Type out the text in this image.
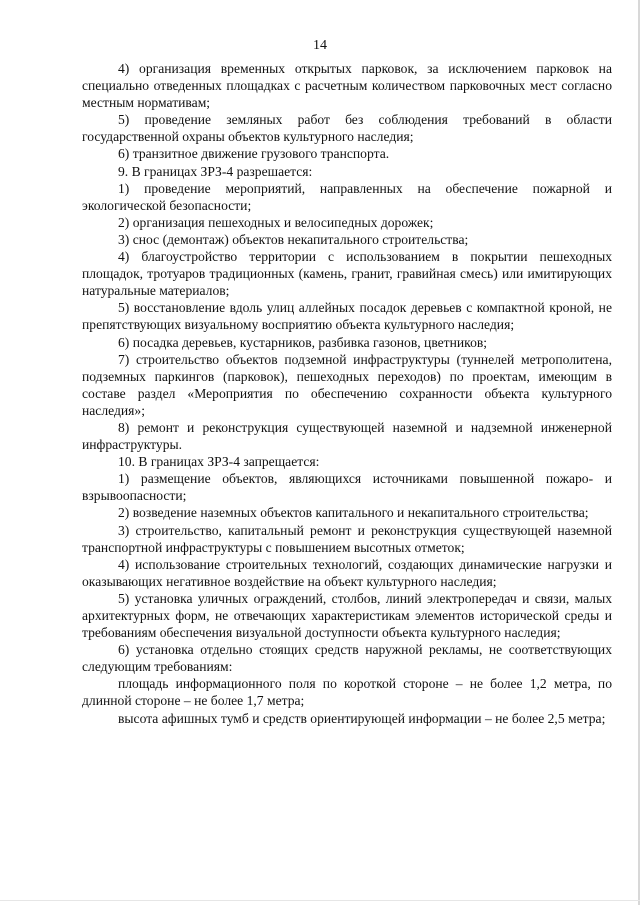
14

4) организация временных открытых парковок, за исключением парковок на специально отведенных площадках с расчетным количеством парковочных мест согласно местным нормативам;

5) проведение земляных работ без соблюдения требований в области государственной охраны объектов культурного наследия;

6) транзитное движение грузового транспорта.

9. В границах ЗРЗ-4 разрешается:

1) проведение мероприятий, направленных на обеспечение пожарной и экологической безопасности;

2) организация пешеходных и велосипедных дорожек;

3) снос (демонтаж) объектов некапитального строительства;

4) благоустройство территории с использованием в покрытии пешеходных площадок, тротуаров традиционных (камень, гранит, гравийная смесь) или имитирующих натуральные материалов;

5) восстановление вдоль улиц аллейных посадок деревьев с компактной кроной, не препятствующих визуальному восприятию объекта культурного наследия;

6) посадка деревьев, кустарников, разбивка газонов, цветников;

7) строительство объектов подземной инфраструктуры (туннелей метрополитена, подземных паркингов (парковок), пешеходных переходов) по проектам, имеющим в составе раздел «Мероприятия по обеспечению сохранности объекта культурного наследия»;

8) ремонт и реконструкция существующей наземной и надземной инженерной инфраструктуры.

10. В границах ЗРЗ-4 запрещается:

1) размещение объектов, являющихся источниками повышенной пожаро- и взрывоопасности;

2) возведение наземных объектов капитального и некапитального строительства;

3) строительство, капитальный ремонт и реконструкция существующей наземной транспортной инфраструктуры с повышением высотных отметок;

4) использование строительных технологий, создающих динамические нагрузки и оказывающих негативное воздействие на объект культурного наследия;

5) установка уличных ограждений, столбов, линий электропередач и связи, малых архитектурных форм, не отвечающих характеристикам элементов исторической среды и требованиям обеспечения визуальной доступности объекта культурного наследия;

6) установка отдельно стоящих средств наружной рекламы, не соответствующих следующим требованиям:

площадь информационного поля по короткой стороне – не более 1,2 метра, по длинной стороне – не более 1,7 метра;

высота афишных тумб и средств ориентирующей информации – не более 2,5 метра;
